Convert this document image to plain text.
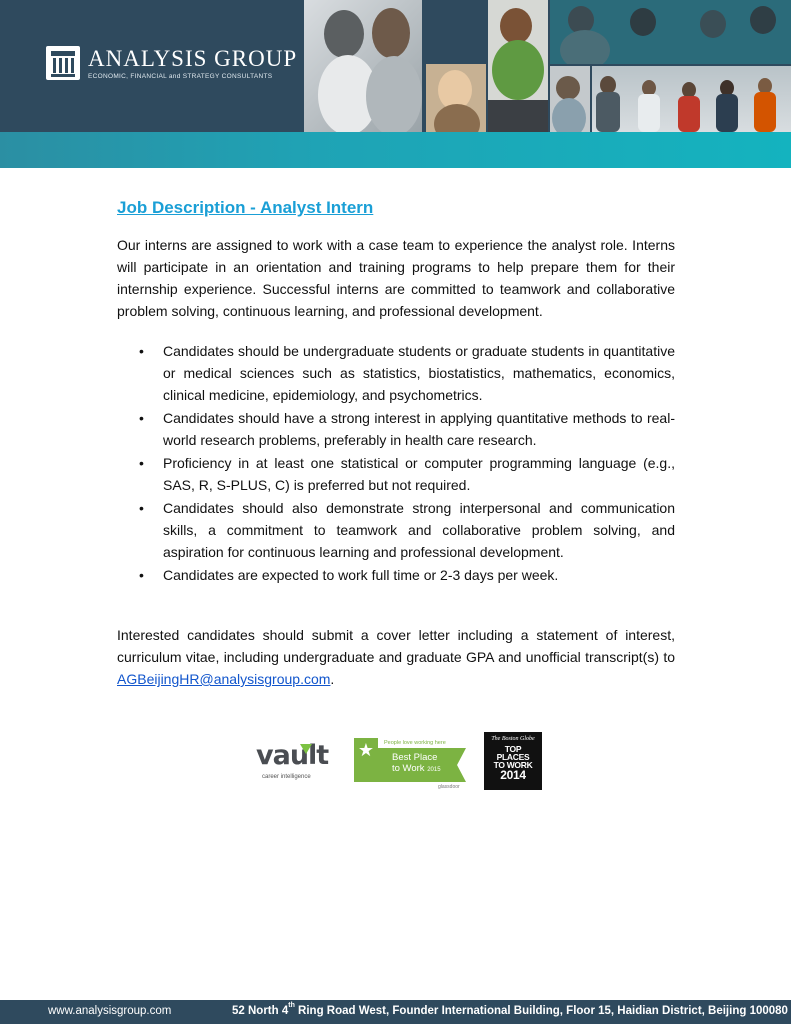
ANALYSIS GROUP
ECONOMIC, FINANCIAL and STRATEGY CONSULTANTS
Job Description - Analyst Intern

Our interns are assigned to work with a case team to experience the analyst role. Interns will participate in an orientation and training programs to help prepare them for their internship experience. Successful interns are committed to teamwork and collaborative problem solving, continuous learning, and professional development.

• Candidates should be undergraduate students or graduate students in quantitative or medical sciences such as statistics, biostatistics, mathematics, economics, clinical medicine, epidemiology, and psychometrics.
• Candidates should have a strong interest in applying quantitative methods to real-world research problems, preferably in health care research.
• Proficiency in at least one statistical or computer programming language (e.g., SAS, R, S-PLUS, C) is preferred but not required.
• Candidates should also demonstrate strong interpersonal and communication skills, a commitment to teamwork and collaborative problem solving, and aspiration for continuous learning and professional development.
• Candidates are expected to work full time or 2-3 days per week.

Interested candidates should submit a cover letter including a statement of interest, curriculum vitae, including undergraduate and graduate GPA and unofficial transcript(s) to AGBeijingHR@analysisgroup.com.

vault
career intelligence
★	People love working here
Best Place
to Work 2015
glassdoor
The Boston Globe
TOP
PLACES
TO WORK
2014
www.analysisgroup.com	52 North 4th Ring Road West, Founder International Building, Floor 15, Haidian District, Beijing 100080
